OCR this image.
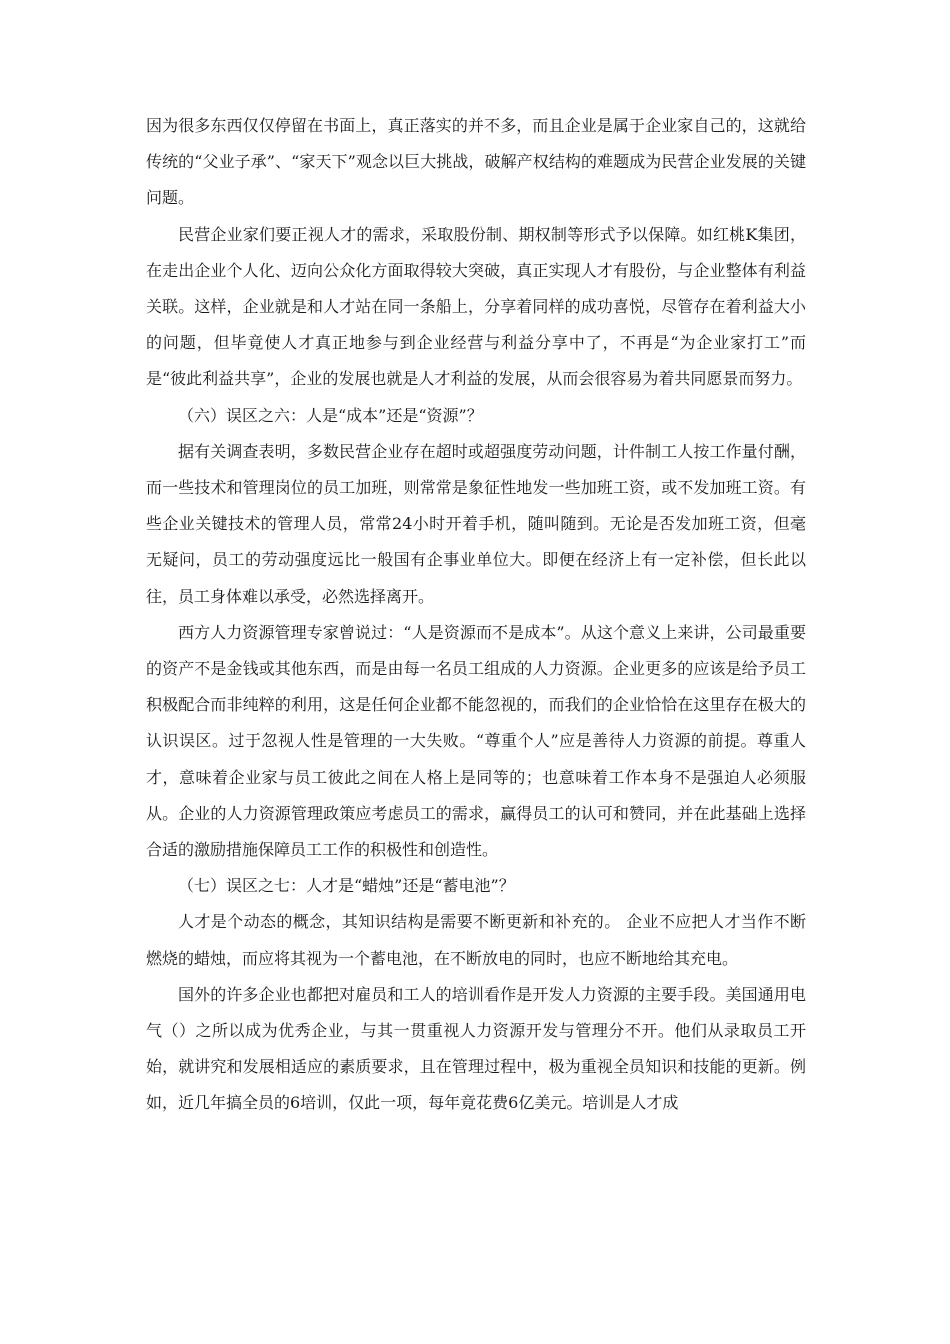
因为很多东西仅仅停留在书面上，真正落实的并不多，而且企业是属于企业家自己的，这就给传统的“父业子承”、“家天下”观念以巨大挑战，破解产权结构的难题成为民营企业发展的关键问题。

民营企业家们要正视人才的需求，采取股份制、期权制等形式予以保障。如红桃K集团，在走出企业个人化、迈向公众化方面取得较大突破，真正实现人才有股份，与企业整体有利益关联。这样，企业就是和人才站在同一条船上，分享着同样的成功喜悦，尽管存在着利益大小的问题，但毕竟使人才真正地参与到企业经营与利益分享中了，不再是“为企业家打工”而是“彼此利益共享”，企业的发展也就是人才利益的发展，从而会很容易为着共同愿景而努力。

（六）误区之六：人是“成本”还是“资源”？

据有关调查表明，多数民营企业存在超时或超强度劳动问题，计件制工人按工作量付酬，而一些技术和管理岗位的员工加班，则常常是象征性地发一些加班工资，或不发加班工资。有些企业关键技术的管理人员，常常24小时开着手机，随叫随到。无论是否发加班工资，但毫无疑问，员工的劳动强度远比一般国有企事业单位大。即便在经济上有一定补偿，但长此以往，员工身体难以承受，必然选择离开。

西方人力资源管理专家曾说过：“人是资源而不是成本”。从这个意义上来讲，公司最重要的资产不是金钱或其他东西，而是由每一名员工组成的人力资源。企业更多的应该是给予员工积极配合而非纯粹的利用，这是任何企业都不能忽视的，而我们的企业恰恰在这里存在极大的认识误区。过于忽视人性是管理的一大失败。“尊重个人”应是善待人力资源的前提。尊重人才，意味着企业家与员工彼此之间在人格上是同等的；也意味着工作本身不是强迫人必须服从。企业的人力资源管理政策应考虑员工的需求，赢得员工的认可和赞同，并在此基础上选择合适的激励措施保障员工工作的积极性和创造性。

（七）误区之七：人才是“蜡烛”还是“蓄电池”？

人才是个动态的概念，其知识结构是需要不断更新和补充的。 企业不应把人才当作不断燃烧的蜡烛，而应将其视为一个蓄电池，在不断放电的同时，也应不断地给其充电。

国外的许多企业也都把对雇员和工人的培训看作是开发人力资源的主要手段。美国通用电气（）之所以成为优秀企业，与其一贯重视人力资源开发与管理分不开。他们从录取员工开始，就讲究和发展相适应的素质要求，且在管理过程中，极为重视全员知识和技能的更新。例如，近几年搞全员的6培训，仅此一项，每年竟花费6亿美元。培训是人才成
